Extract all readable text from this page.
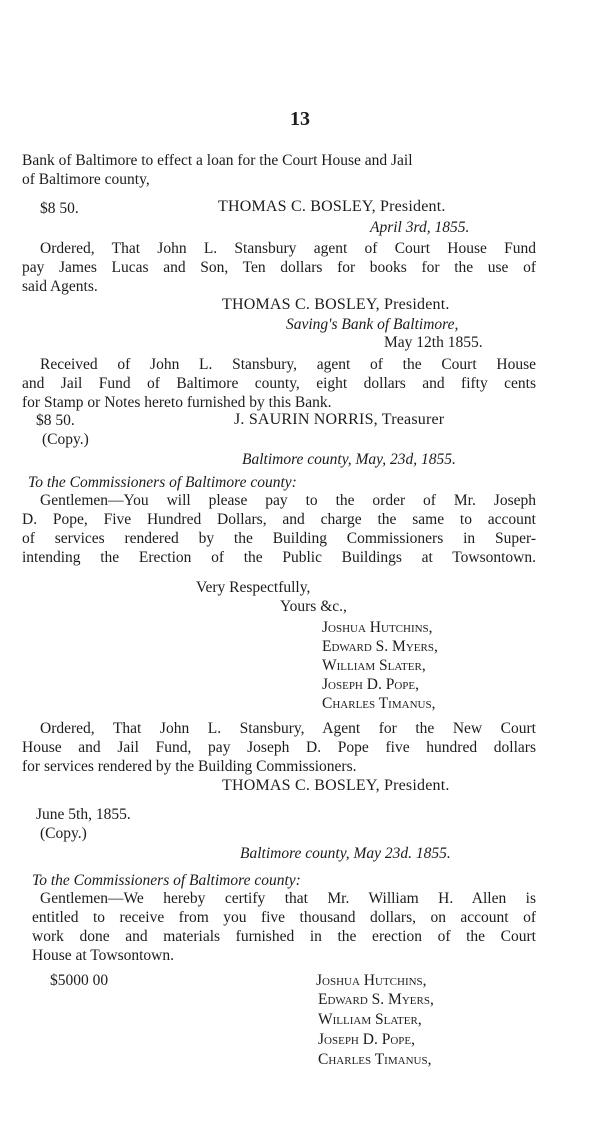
13
Bank of Baltimore to effect a loan for the Court House and Jail
of Baltimore county,
$8 50.	THOMAS C. BOSLEY, President.
April 3rd, 1855.
Ordered, That John L. Stansbury agent of Court House Fund
pay James Lucas and Son, Ten dollars for books for the use of
said Agents.
THOMAS C. BOSLEY, President.
Saving's Bank of Baltimore,
May 12th 1855.
Received of John L. Stansbury, agent of the Court House
and Jail Fund of Baltimore county, eight dollars and fifty cents
for Stamp or Notes hereto furnished by this Bank.
$8 50.	J. SAURIN NORRIS, Treasurer
(Copy.)
Baltimore county, May, 23d, 1855.
To the Commissioners of Baltimore county:
Gentlemen—You will please pay to the order of Mr. Joseph
D. Pope, Five Hundred Dollars, and charge the same to account
of services rendered by the Building Commissioners in Super-
intending the Erection of the Public Buildings at Towsontown.
Very Respectfully,
Yours &c.,
Joshua Hutchins,
Edward S. Myers,
William Slater,
Joseph D. Pope,
Charles Timanus,
Ordered, That John L. Stansbury, Agent for the New Court
House and Jail Fund, pay Joseph D. Pope five hundred dollars
for services rendered by the Building Commissioners.
THOMAS C. BOSLEY, President.
June 5th, 1855.
(Copy.)
Baltimore county, May 23d. 1855.
To the Commissioners of Baltimore county:
Gentlemen—We hereby certify that Mr. William H. Allen is
entitled to receive from you five thousand dollars, on account of
work done and materials furnished in the erection of the Court
House at Towsontown.
$5000 00	Joshua Hutchins,
Edward S. Myers,
William Slater,
Joseph D. Pope,
Charles Timanus,
